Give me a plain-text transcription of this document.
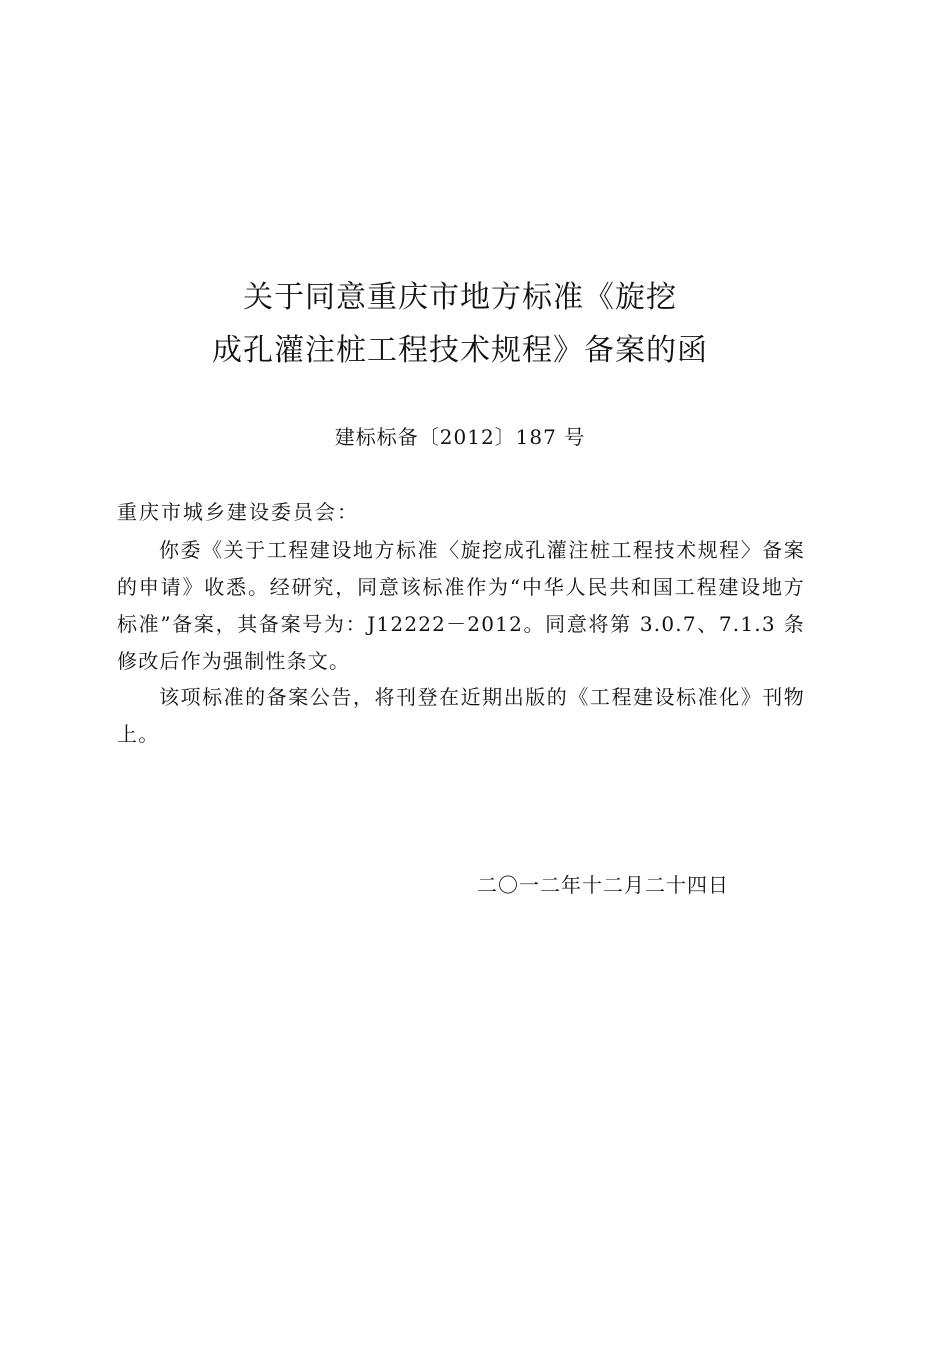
关于同意重庆市地方标准《旋挖
成孔灌注桩工程技术规程》备案的函
建标标备〔2012〕187 号
重庆市城乡建设委员会：

你委《关于工程建设地方标准〈旋挖成孔灌注桩工程技术规程〉备案的申请》收悉。经研究，同意该标准作为“中华人民共和国工程建设地方标准”备案，其备案号为：J12222－2012。同意将第 3.0.7、7.1.3 条修改后作为强制性条文。

该项标准的备案公告，将刊登在近期出版的《工程建设标准化》刊物上。

二〇一二年十二月二十四日
